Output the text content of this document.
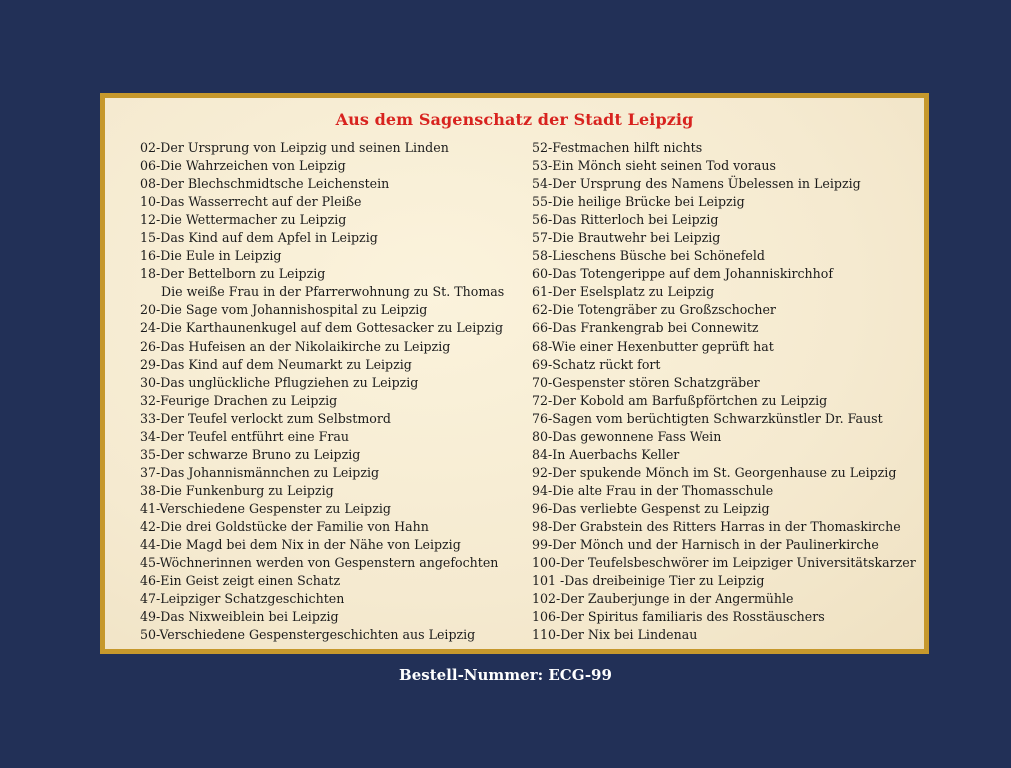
Aus dem Sagenschatz der Stadt Leipzig
02-Der Ursprung von Leipzig und seinen Linden
06-Die Wahrzeichen von Leipzig
08-Der Blechschmidtsche Leichenstein
10-Das Wasserrecht auf der Pleiße
12-Die Wettermacher zu Leipzig
15-Das Kind auf dem Apfel in Leipzig
16-Die Eule in Leipzig
18-Der Bettelborn zu Leipzig
Die weiße Frau in der Pfarrerwohnung zu St. Thomas
20-Die Sage vom Johannishospital zu Leipzig
24-Die Karthaunenkugel auf dem Gottesacker zu Leipzig
26-Das Hufeisen an der Nikolaikirche zu Leipzig
29-Das Kind auf dem Neumarkt zu Leipzig
30-Das unglückliche Pflugziehen zu Leipzig
32-Feurige Drachen zu Leipzig
33-Der Teufel verlockt zum Selbstmord
34-Der Teufel entführt eine Frau
35-Der schwarze Bruno zu Leipzig
37-Das Johannismännchen zu Leipzig
38-Die Funkenburg zu Leipzig
41-Verschiedene Gespenster zu Leipzig
42-Die drei Goldstücke der Familie von Hahn
44-Die Magd bei dem Nix in der Nähe von Leipzig
45-Wöchnerinnen werden von Gespenstern angefochten
46-Ein Geist zeigt einen Schatz
47-Leipziger Schatzgeschichten
49-Das Nixweiblein bei Leipzig
50-Verschiedene Gespenstergeschichten aus Leipzig
52-Festmachen hilft nichts
53-Ein Mönch sieht seinen Tod voraus
54-Der Ursprung des Namens Übelessen in Leipzig
55-Die heilige Brücke bei Leipzig
56-Das Ritterloch bei Leipzig
57-Die Brautwehr bei Leipzig
58-Lieschens Büsche bei Schönefeld
60-Das Totengerippe auf dem Johanniskirchhof
61-Der Eselsplatz zu Leipzig
62-Die Totengräber zu Großzschocher
66-Das Frankengrab bei Connewitz
68-Wie einer Hexenbutter geprüft hat
69-Schatz rückt fort
70-Gespenster stören Schatzgräber
72-Der Kobold am Barfußpförtchen zu Leipzig
76-Sagen vom berüchtigten Schwarzkünstler Dr. Faust
80-Das gewonnene Fass Wein
84-In Auerbachs Keller
92-Der spukende Mönch im St. Georgenhause zu Leipzig
94-Die alte Frau in der Thomasschule
96-Das verliebte Gespenst zu Leipzig
98-Der Grabstein des Ritters Harras in der Thomaskirche
99-Der Mönch und der Harnisch in der Paulinerkirche
100-Der Teufelsbeschwörer im Leipziger Universitätskarzer
101 -Das dreibeinige Tier zu Leipzig
102-Der Zauberjunge in der Angermühle
106-Der Spiritus familiaris des Rosstäuschers
110-Der Nix bei Lindenau
Bestell-Nummer: ECG-99
